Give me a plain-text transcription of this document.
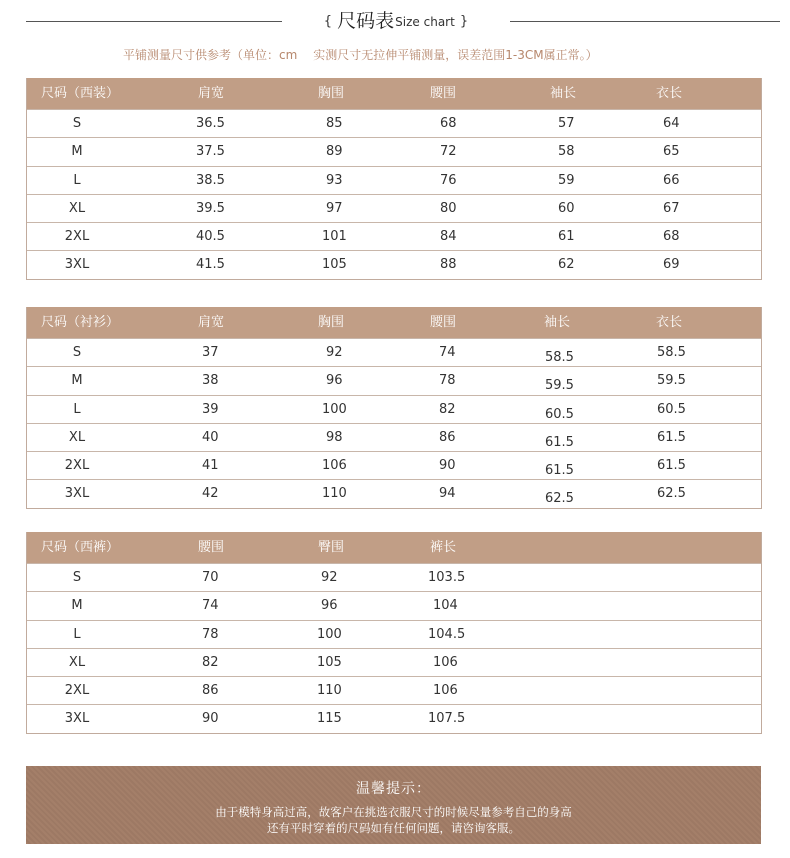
{ 尺码表Size chart }
平铺测量尺寸供参考（单位：cm 实测尺寸无拉伸平铺测量，误差范围1-3CM属正常。）
尺码（西装）	肩宽	胸围	腰围	袖长	衣长
S	36.5	85	68	57	64
M	37.5	89	72	58	65
L	38.5	93	76	59	66
XL	39.5	97	80	60	67
2XL	40.5	101	84	61	68
3XL	41.5	105	88	62	69
尺码（衬衫）	肩宽	胸围	腰围	袖长	衣长
S	37	92	74	58.5	58.5
M	38	96	78	59.5	59.5
L	39	100	82	60.5	60.5
XL	40	98	86	61.5	61.5
2XL	41	106	90	61.5	61.5
3XL	42	110	94	62.5	62.5
尺码（西裤）	腰围	臀围	裤长
S	70	92	103.5
M	74	96	104
L	78	100	104.5
XL	82	105	106
2XL	86	110	106
3XL	90	115	107.5
温馨提示：
由于模特身高过高，故客户在挑选衣服尺寸的时候尽量参考自己的身高
还有平时穿着的尺码如有任何问题，请咨询客服。
